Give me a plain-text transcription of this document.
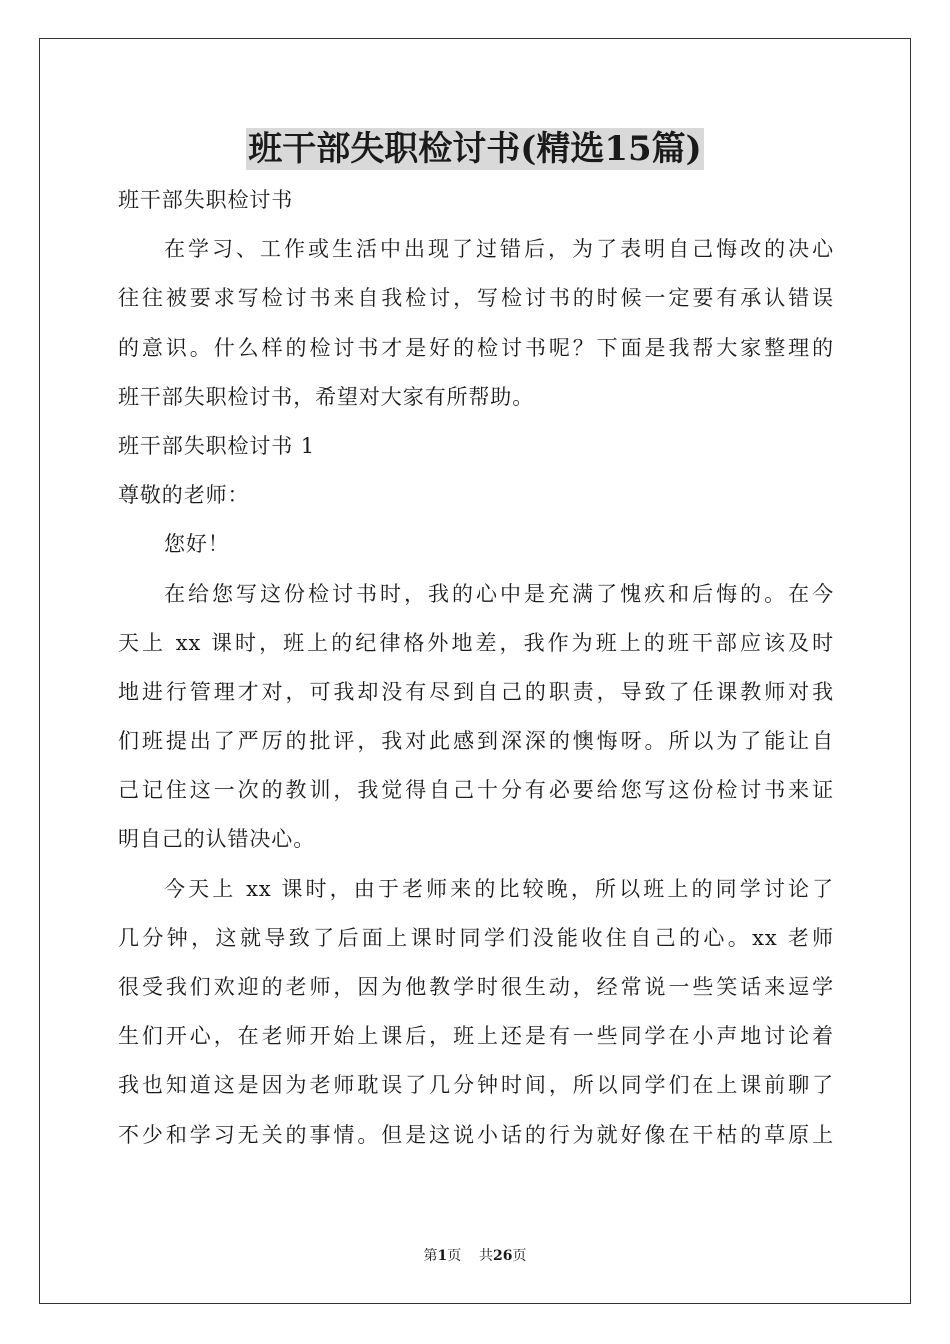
班干部失职检讨书(精选15篇)
班干部失职检讨书
在学习、工作或生活中出现了过错后，为了表明自己悔改的决心
往往被要求写检讨书来自我检讨，写检讨书的时候一定要有承认错误
的意识。什么样的检讨书才是好的检讨书呢？下面是我帮大家整理的
班干部失职检讨书，希望对大家有所帮助。
班干部失职检讨书 1
尊敬的老师：
您好！
在给您写这份检讨书时，我的心中是充满了愧疚和后悔的。在今
天上 xx 课时，班上的纪律格外地差，我作为班上的班干部应该及时
地进行管理才对，可我却没有尽到自己的职责，导致了任课教师对我
们班提出了严厉的批评，我对此感到深深的懊悔呀。所以为了能让自
己记住这一次的教训，我觉得自己十分有必要给您写这份检讨书来证
明自己的认错决心。
今天上 xx 课时，由于老师来的比较晚，所以班上的同学讨论了
几分钟，这就导致了后面上课时同学们没能收住自己的心。xx 老师
很受我们欢迎的老师，因为他教学时很生动，经常说一些笑话来逗学
生们开心，在老师开始上课后，班上还是有一些同学在小声地讨论着
我也知道这是因为老师耽误了几分钟时间，所以同学们在上课前聊了
不少和学习无关的事情。但是这说小话的行为就好像在干枯的草原上
第1页 共26页
